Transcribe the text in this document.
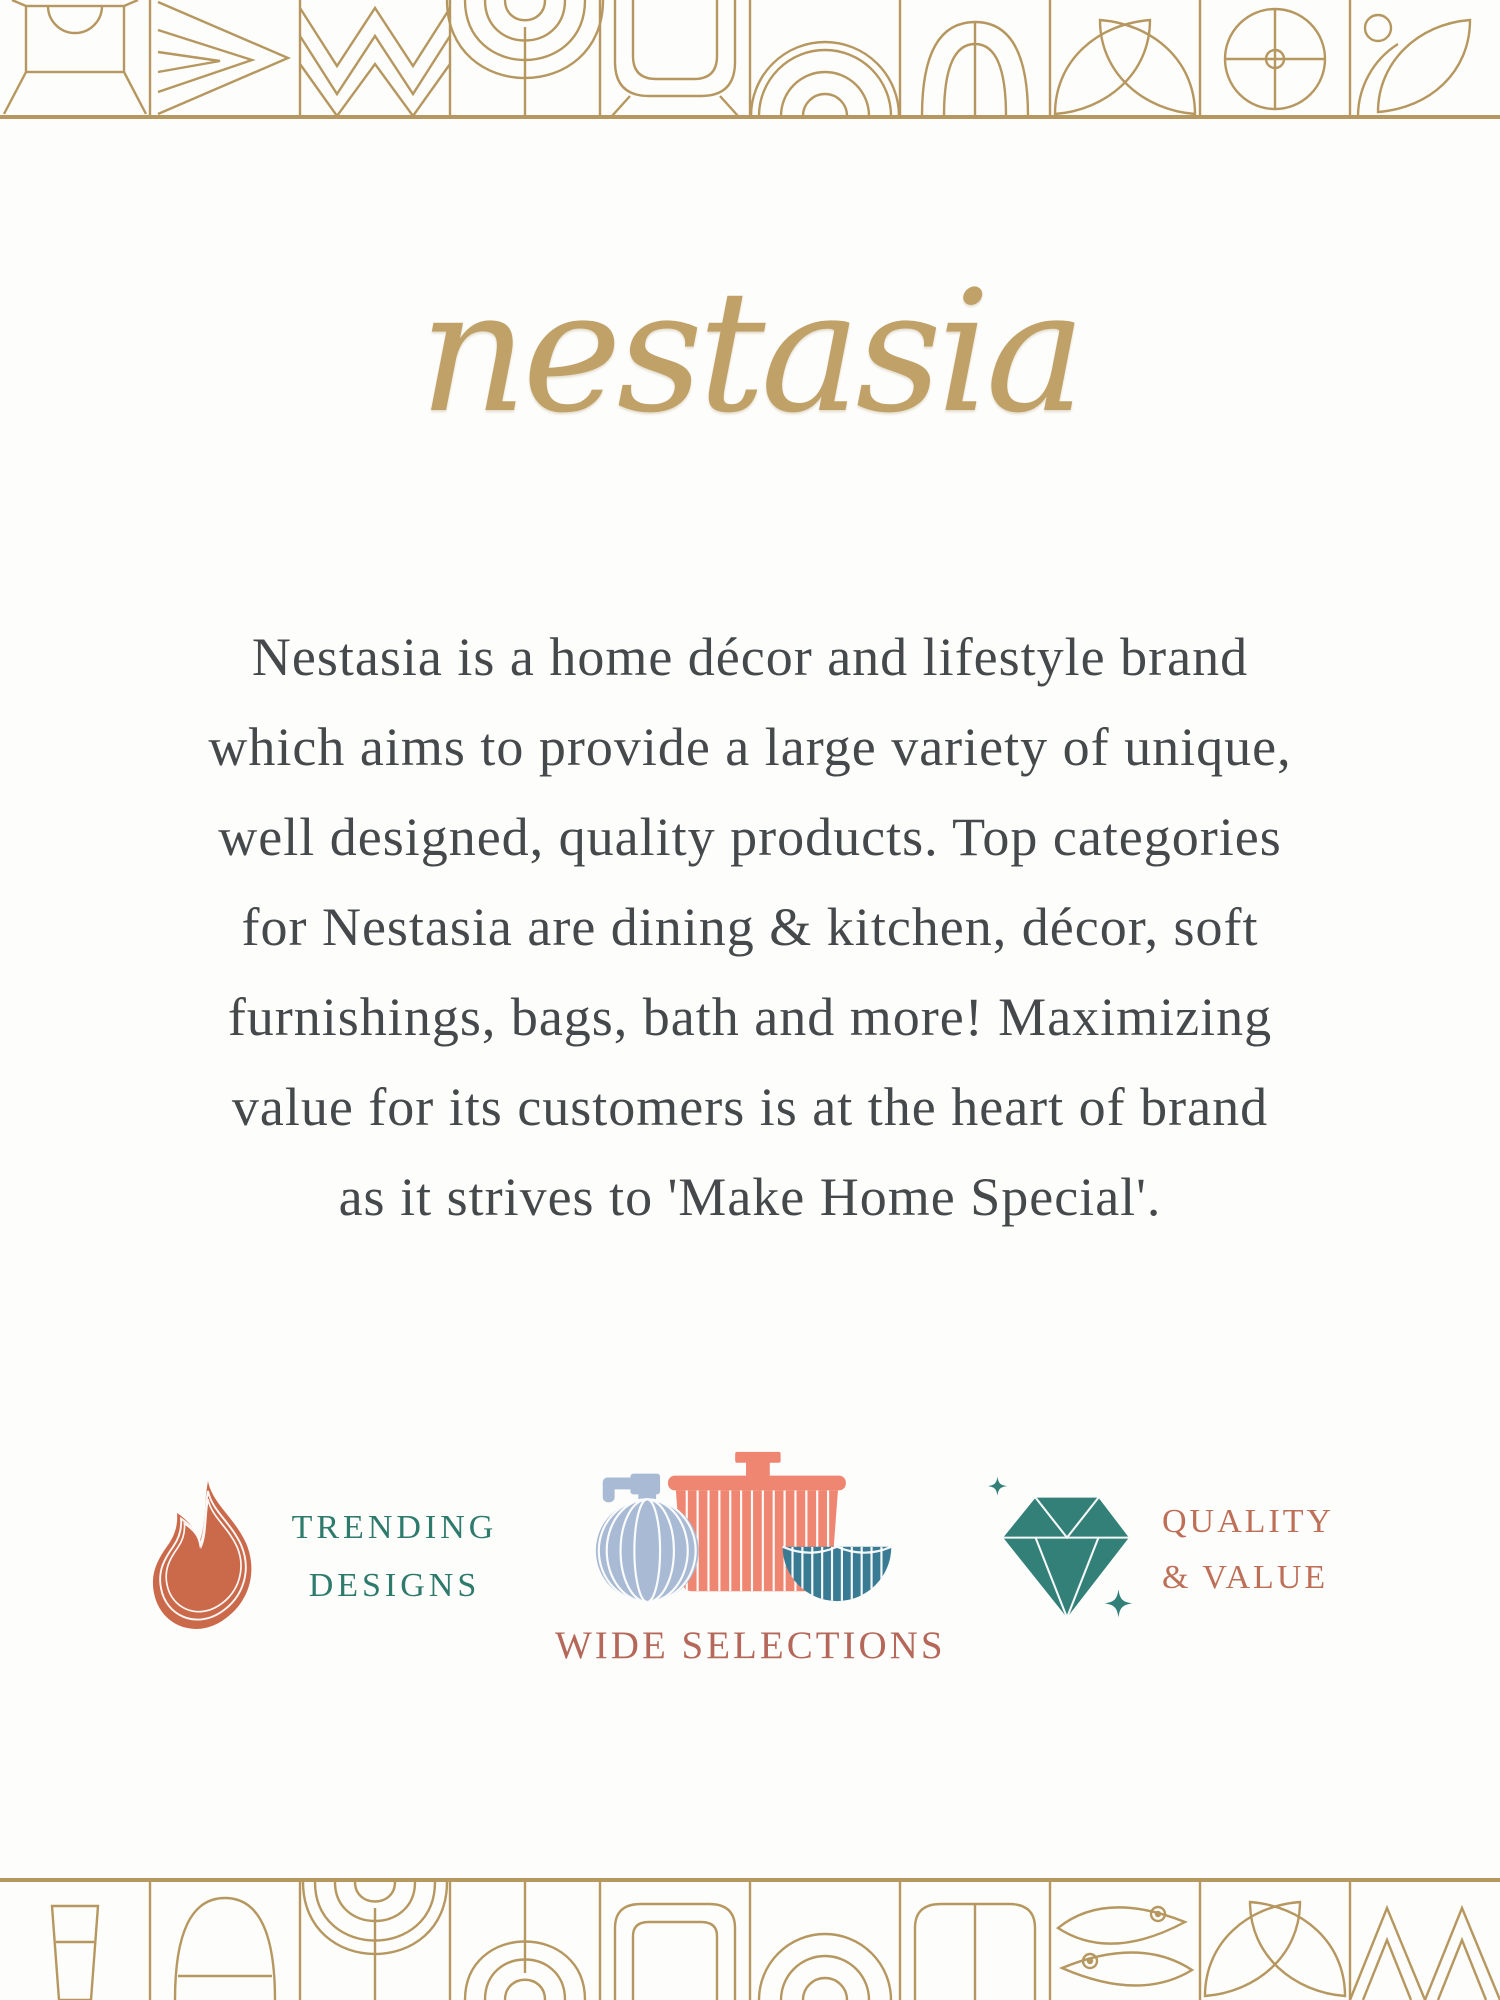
nestasia
Nestasia is a home décor and lifestyle brand
which aims to provide a large variety of unique,
well designed, quality products. Top categories
for Nestasia are dining & kitchen, décor, soft
furnishings, bags, bath and more! Maximizing
value for its customers is at the heart of brand
as it strives to 'Make Home Special'.
TRENDING
DESIGNS
WIDE SELECTIONS
QUALITY
& VALUE
